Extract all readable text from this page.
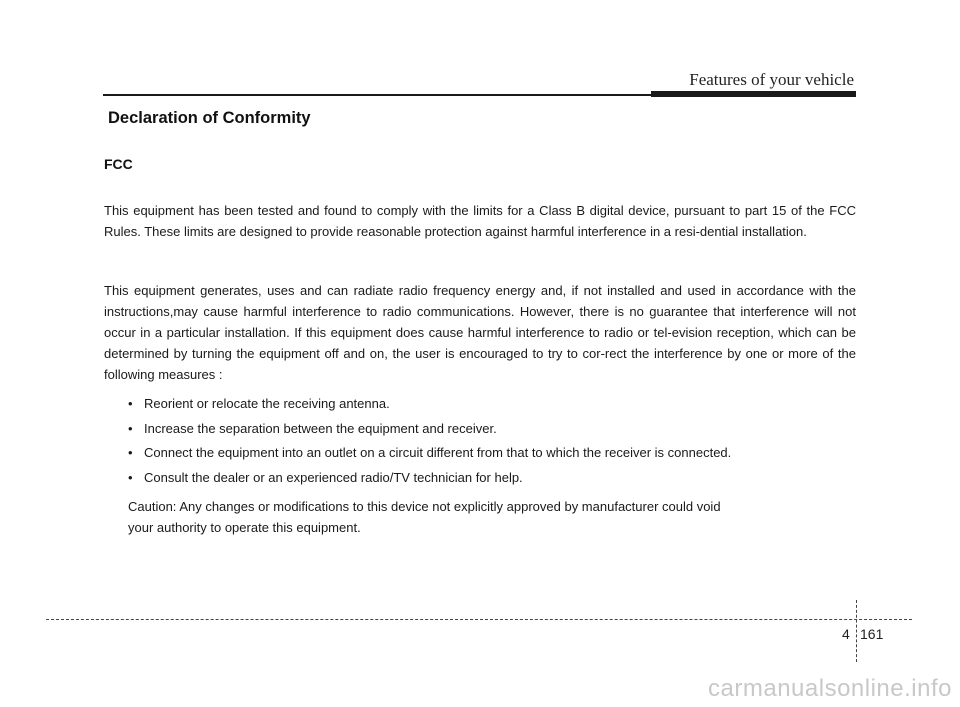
Features of your vehicle
Declaration of Conformity
FCC
This equipment has been tested and found to comply with the limits for a Class B digital device, pursuant to part 15 of the FCC Rules. These limits are designed to provide reasonable protection against harmful interference in a resi-dential installation.
This equipment generates, uses and can radiate radio frequency energy and, if not installed and used in accordance with the instructions,may cause harmful interference to radio communications. However, there is no guarantee that interference will not occur in a particular installation. If this equipment does cause harmful interference to radio or tel-evision reception, which can be determined by turning the equipment off and on, the user is encouraged to try to cor-rect the interference by one or more of the following measures :
• Reorient or relocate the receiving antenna.
• Increase the separation between the equipment and receiver.
• Connect the equipment into an outlet on a circuit different from that to which the receiver is connected.
• Consult the dealer or an experienced radio/TV technician for help.
Caution: Any changes or modifications to this device not explicitly approved by manufacturer could void
your authority to operate this equipment.
4 161
carmanualsonline.info
